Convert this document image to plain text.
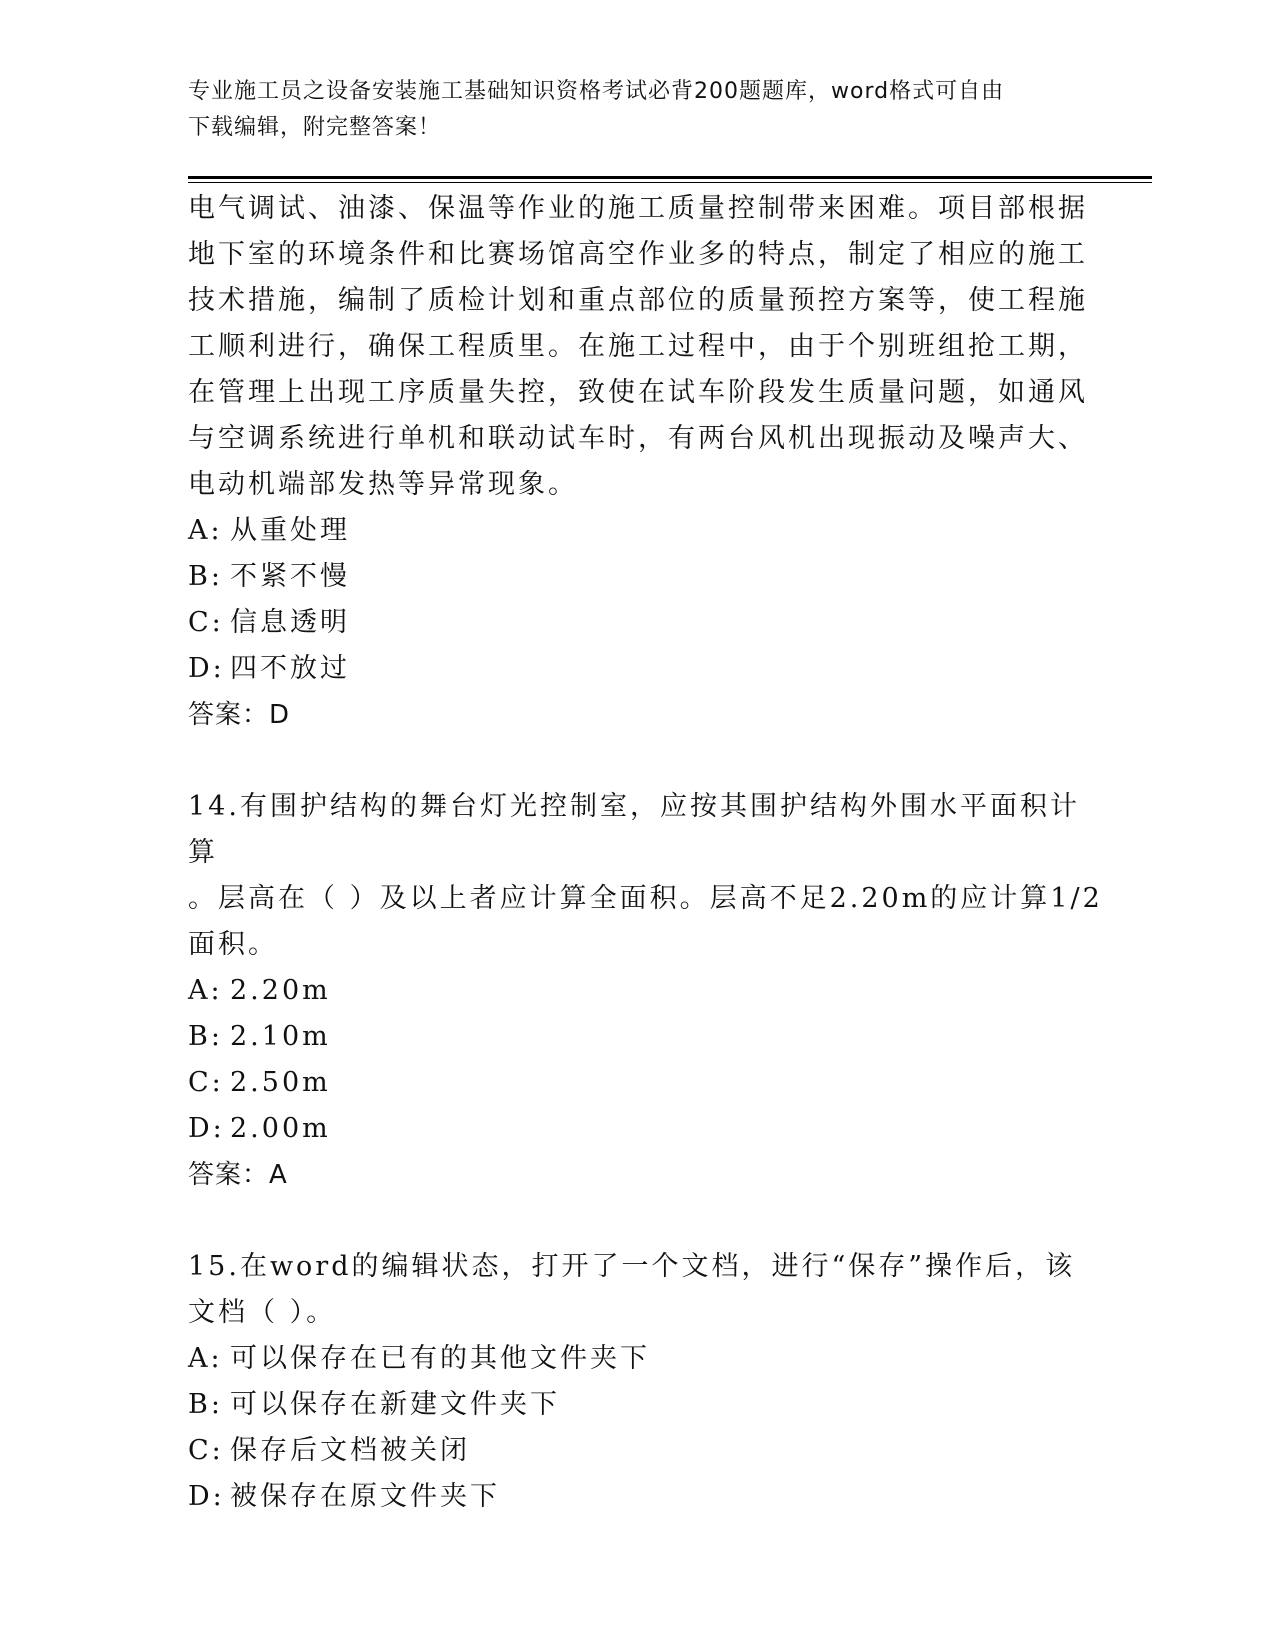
专业施工员之设备安装施工基础知识资格考试必背200题题库，word格式可自由
下载编辑，附完整答案！

电气调试、油漆、保温等作业的施工质量控制带来困难。项目部根据

地下室的环境条件和比赛场馆高空作业多的特点，制定了相应的施工

技术措施，编制了质检计划和重点部位的质量预控方案等，使工程施

工顺利进行，确保工程质里。在施工过程中，由于个别班组抢工期，

在管理上出现工序质量失控，致使在试车阶段发生质量问题，如通风

与空调系统进行单机和联动试车时，有两台风机出现振动及噪声大、

电动机端部发热等异常现象。

A: 从重处理
B: 不紧不慢
C: 信息透明
D: 四不放过

答案：D

14.有围护结构的舞台灯光控制室，应按其围护结构外围水平面积计算

。层高在（ ）及以上者应计算全面积。层高不足2.20m的应计算1/2

面积。

A: 2.20m
B: 2.10m
C: 2.50m
D: 2.00m

答案：A

15.在word的编辑状态，打开了一个文档，进行“保存”操作后，该

文档（ ）。

A: 可以保存在已有的其他文件夹下
B: 可以保存在新建文件夹下
C: 保存后文档被关闭
D: 被保存在原文件夹下
